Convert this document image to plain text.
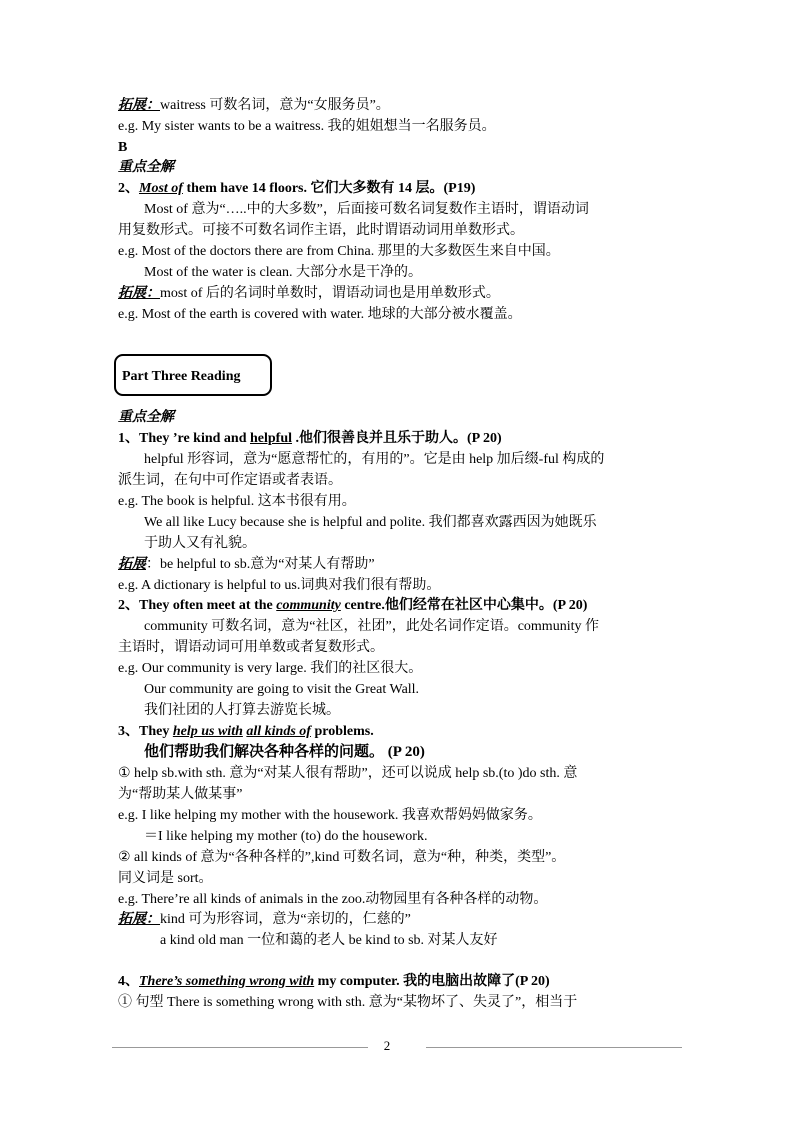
拓展：waitress 可数名词，意为“女服务员”。
e.g. My sister wants to be a waitress. 我的姐姐想当一名服务员。
B
重点全解
2、Most of them have 14 floors. 它们大多数有 14 层。(P19)
Most of 意为“…..中的大多数”，后面接可数名词复数作主语时，谓语动词
用复数形式。可接不可数名词作主语，此时谓语动词用单数形式。
e.g. Most of the doctors there are from China. 那里的大多数医生来自中国。
Most of the water is clean. 大部分水是干净的。
拓展：most of 后的名词时单数时，谓语动词也是用单数形式。
e.g. Most of the earth is covered with water. 地球的大部分被水覆盖。
Part Three Reading
重点全解
1、They ’re kind and helpful .他们很善良并且乐于助人。(P 20)
helpful 形容词，意为“愿意帮忙的，有用的”。它是由 help 加后缀-ful 构成的
派生词，在句中可作定语或者表语。
e.g. The book is helpful. 这本书很有用。
We all like Lucy because she is helpful and polite. 我们都喜欢露西因为她既乐
于助人又有礼貌。
拓展：be helpful to sb.意为“对某人有帮助”
e.g. A dictionary is helpful to us.词典对我们很有帮助。
2、They often meet at the community centre.他们经常在社区中心集中。(P 20)
community 可数名词，意为“社区，社团”，此处名词作定语。community 作
主语时，谓语动词可用单数或者复数形式。
e.g. Our community is very large. 我们的社区很大。
Our community are going to visit the Great Wall.
我们社团的人打算去游览长城。
3、They help us with all kinds of problems.
他们帮助我们解决各种各样的问题。 (P 20)
① help sb.with sth. 意为“对某人很有帮助”，还可以说成 help sb.(to )do sth. 意
为“帮助某人做某事”
e.g. I like helping my mother with the housework. 我喜欢帮妈妈做家务。
＝I like helping my mother (to) do the housework.
② all kinds of 意为“各种各样的”,kind 可数名词，意为“种，种类，类型”。
同义词是 sort。
e.g. There’re all kinds of animals in the zoo.动物园里有各种各样的动物。
拓展：kind 可为形容词，意为“亲切的，仁慈的”
a kind old man 一位和蔼的老人 be kind to sb. 对某人友好
4、There’s something wrong with my computer. 我的电脑出故障了(P 20)
① 句型 There is something wrong with sth. 意为“某物坏了、失灵了”，相当于
2
